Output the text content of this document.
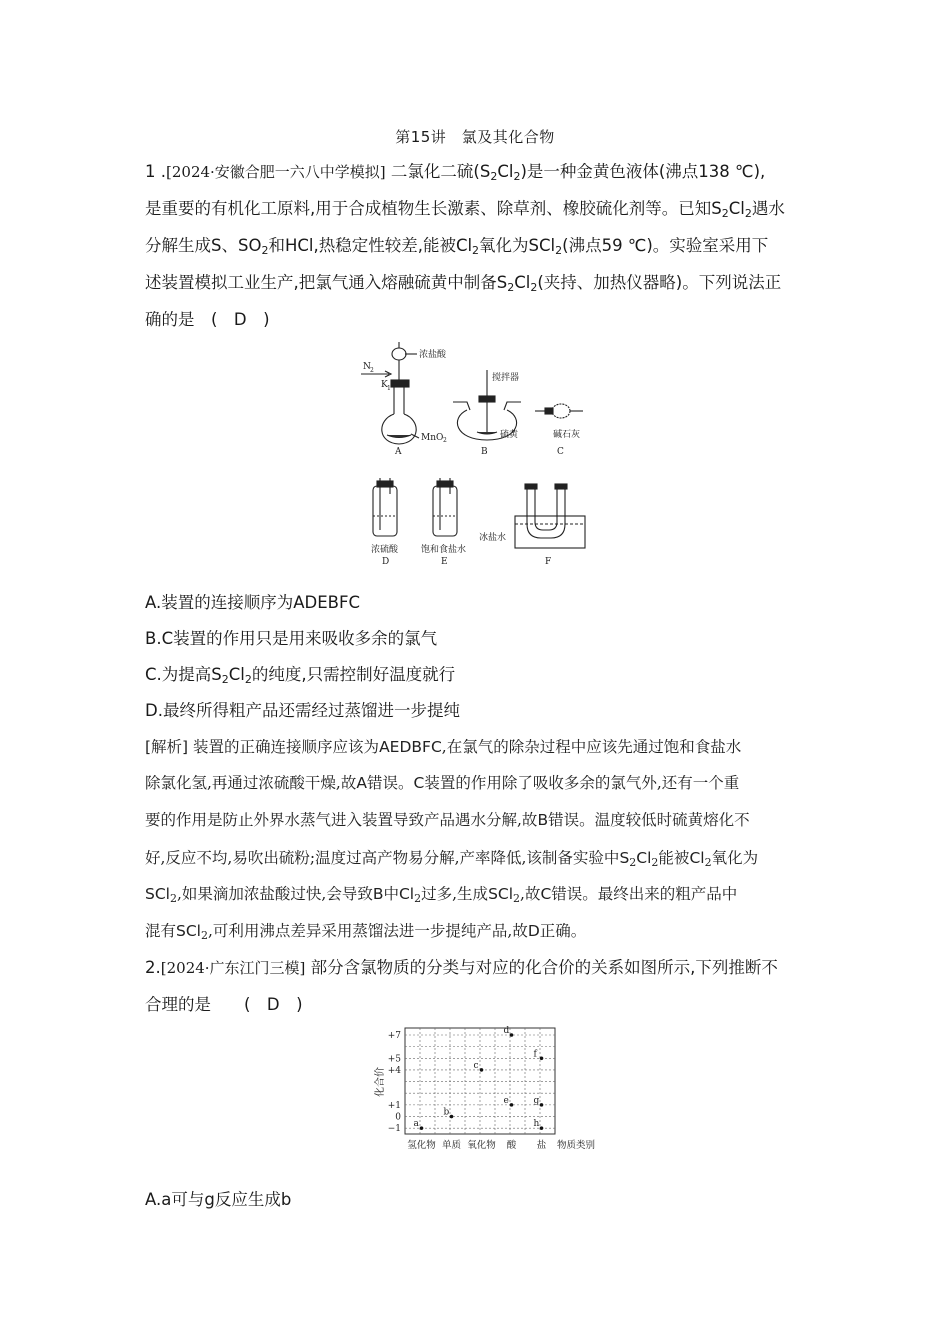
第15讲　氯及其化合物
1 .[2024·安徽合肥一六八中学模拟] 二氯化二硫$(S_2Cl_2)$是一种金黄色液体(沸点138 ℃),
是重要的有机化工原料,用于合成植物生长激素、除草剂、橡胶硫化剂等。已知$S_2Cl_2$遇水
分解生成S、$SO_2$和HCl,热稳定性较差,能被$Cl_2$氧化为SCl$_2$(沸点59 ℃)。实验室采用下
述装置模拟工业生产,把氯气通入熔融硫黄中制备$S_2Cl_2$(夹持、加热仪器略)。下列说法正
确的是　(　D　)
N 2
K 1
MnO 2
浓盐酸
A
搅拌器
硫黄
B
碱石灰
C
浓硫酸
D
饱和食盐水
E
冰盐水
F
A.装置的连接顺序为ADEBFC
B.C装置的作用只是用来吸收多余的氯气
C.为提高$S_2Cl_2$的纯度,只需控制好温度就行
D.最终所得粗产品还需经过蒸馏进一步提纯
[解析] 装置的正确连接顺序应该为AEDBFC,在氯气的除杂过程中应该先通过饱和食盐水
除氯化氢,再通过浓硫酸干燥,故A错误。C装置的作用除了吸收多余的氯气外,还有一个重
要的作用是防止外界水蒸气进入装置导致产品遇水分解,故B错误。温度较低时硫黄熔化不
好,反应不均,易吹出硫粉;温度过高产物易分解,产率降低,该制备实验中$S_2Cl_2$能被$Cl_2$氧化为
SCl$_2$,如果滴加浓盐酸过快,会导致B中$Cl_2$过多,生成SCl$_2$,故C错误。最终出来的粗产品中
混有SCl$_2$,可利用沸点差异采用蒸馏法进一步提纯产品,故D正确。
2.[2024·广东江门三模] 部分含氯物质的分类与对应的化合价的关系如图所示,下列推断不
合理的是　　(　D　)
+7
+5
+4
+1
0
−1
化合价
氢化物 单质 氧化物 酸 盐 物质类别
a
b
c
d
e
f
g
h
A.a可与g反应生成b
